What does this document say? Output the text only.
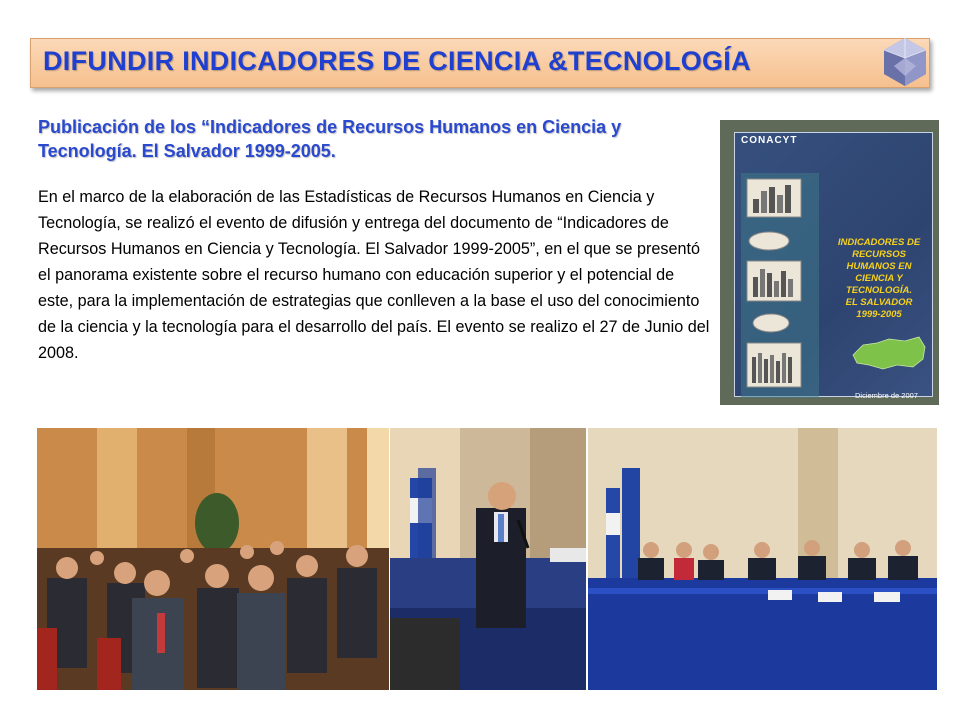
DIFUNDIR INDICADORES DE CIENCIA &TECNOLOGÍA
Publicación de los “Indicadores de Recursos Humanos en Ciencia y Tecnología. El Salvador 1999-2005.
En el marco de la elaboración de las Estadísticas de Recursos Humanos en Ciencia y Tecnología, se realizó el evento de difusión y entrega del documento de “Indicadores de Recursos Humanos en Ciencia y Tecnología. El Salvador 1999-2005”, en el que se presentó el panorama existente sobre el recurso humano con educación superior y el potencial de este, para la implementación de estrategias que conlleven a la base el uso del conocimiento de la ciencia y la tecnología para el desarrollo del país. El evento se realizo el 27 de Junio del 2008.
CONACYT
INDICADORES DE
RECURSOS
HUMANOS EN
CIENCIA Y
TECNOLOGÍA.
EL SALVADOR
1999-2005
Diciembre de 2007
